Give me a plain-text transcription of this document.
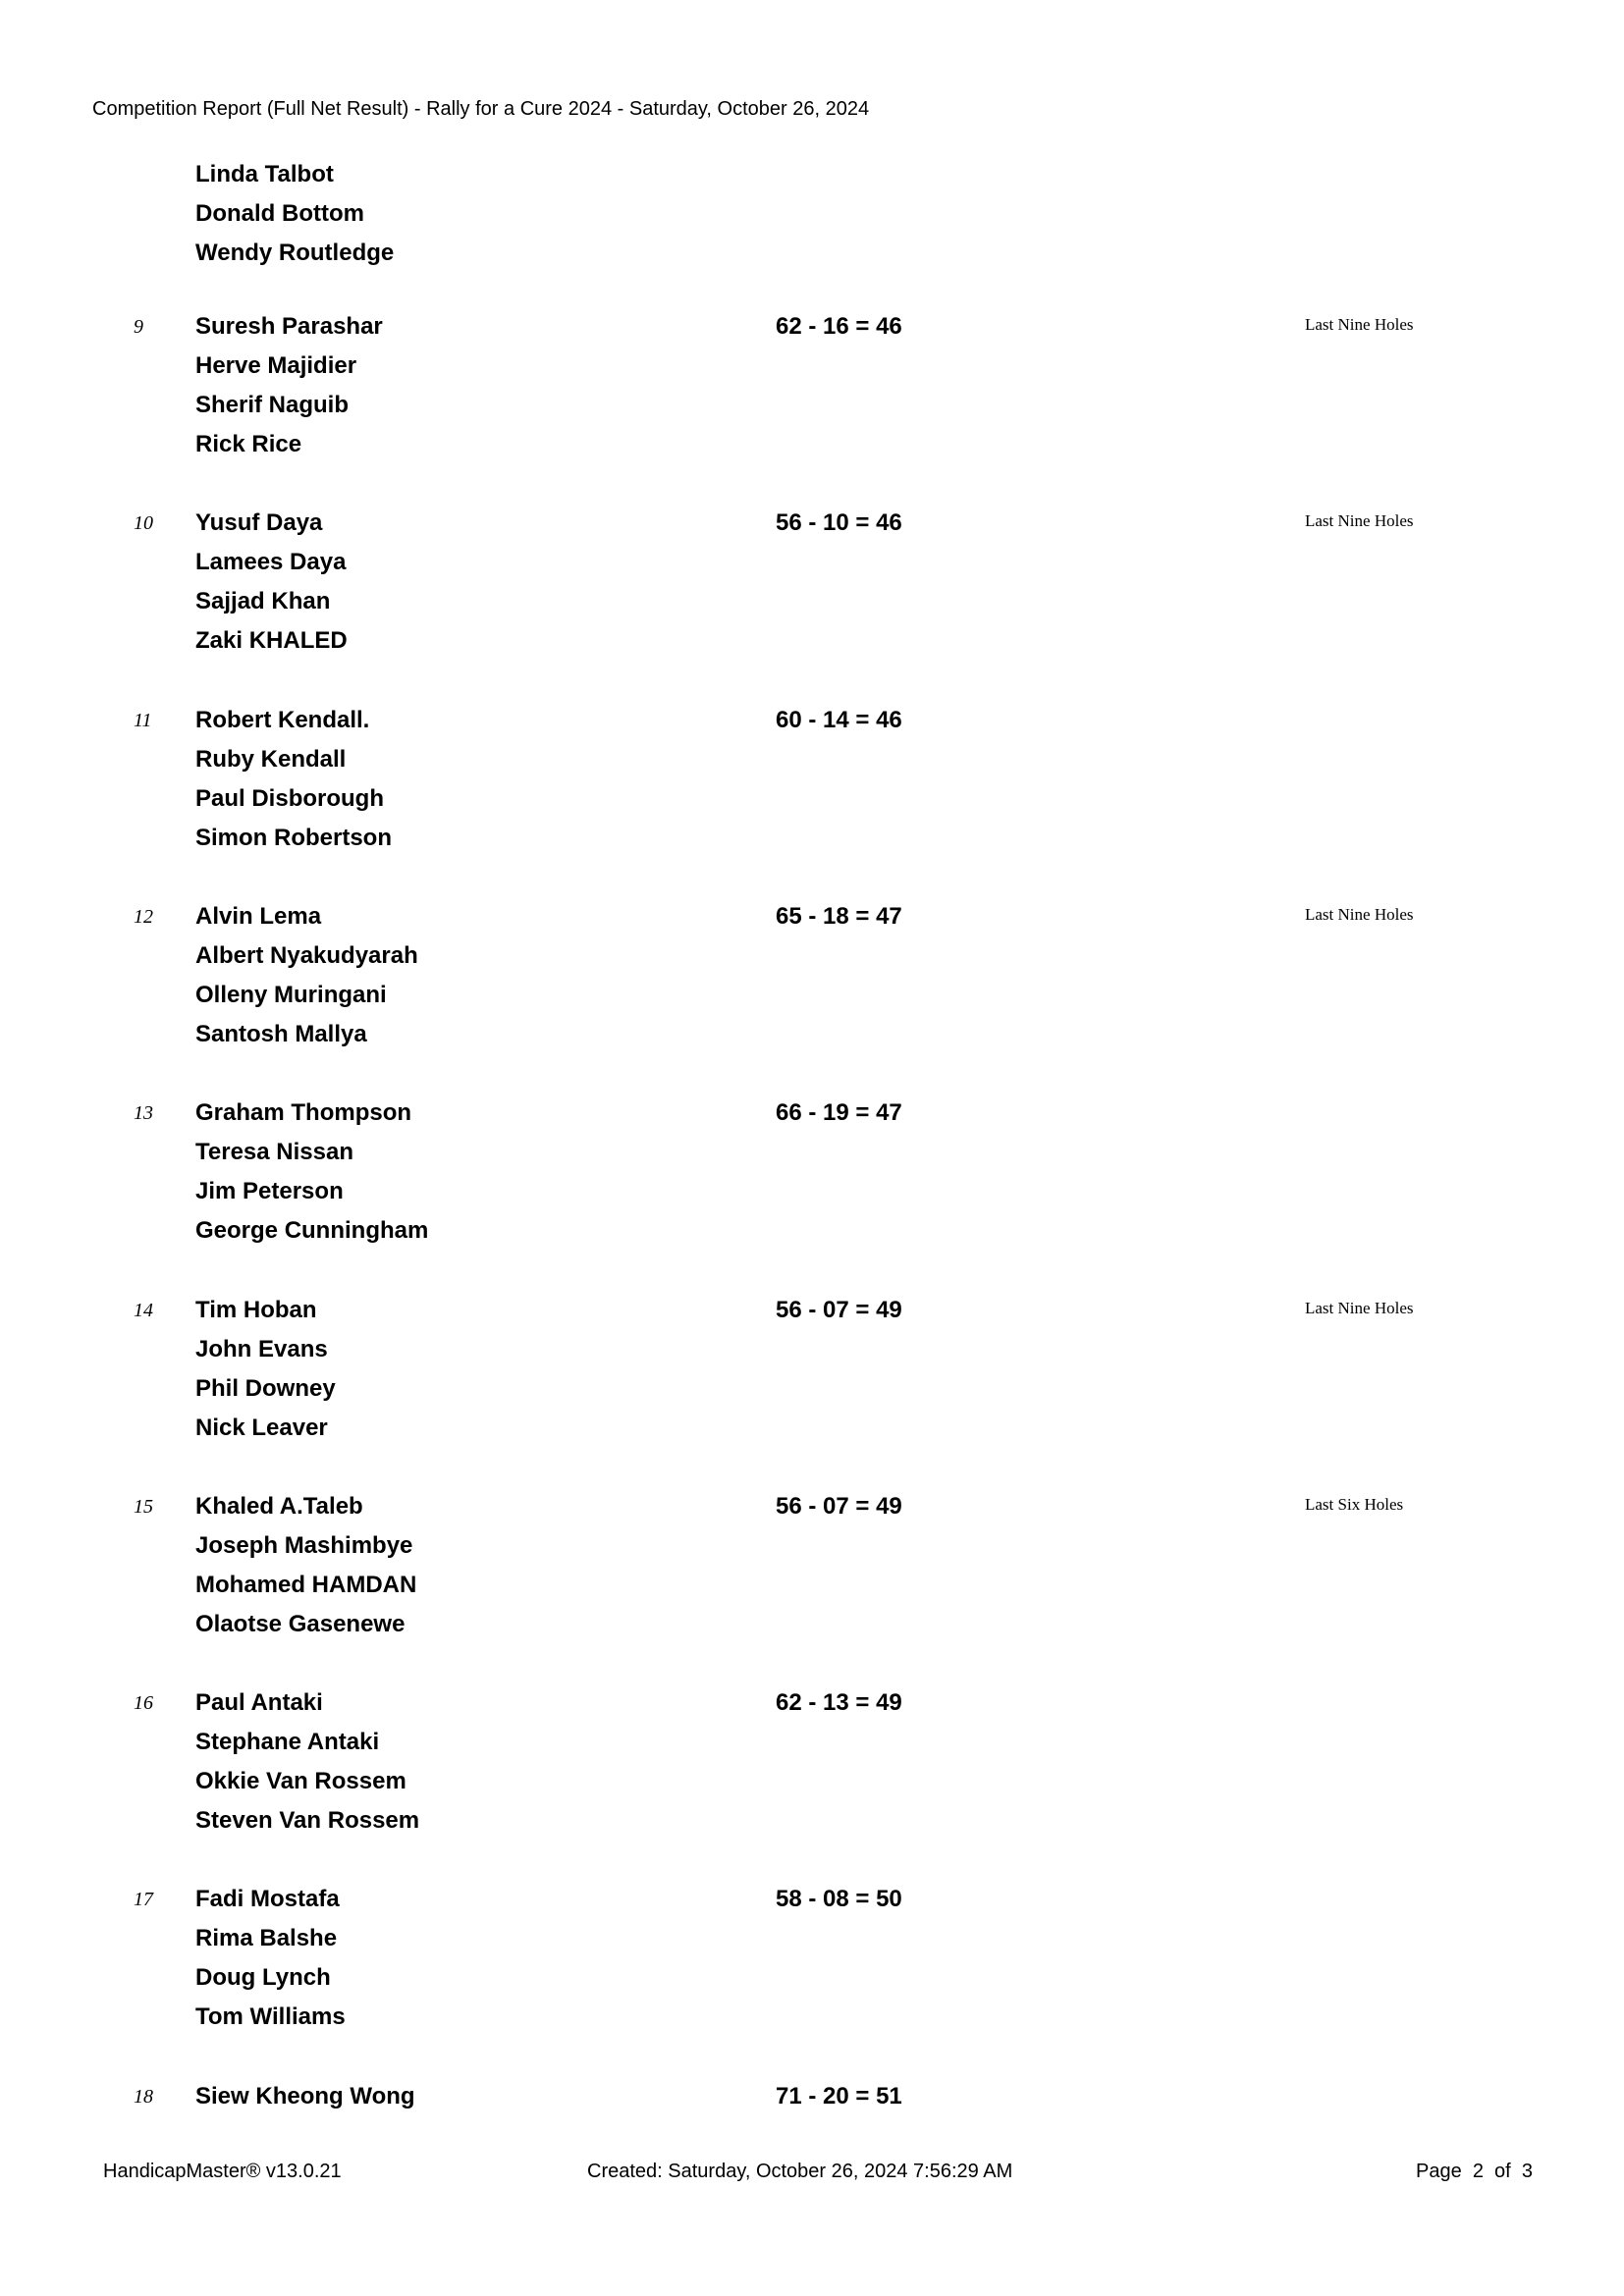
Competition Report (Full Net Result) - Rally for a Cure 2024 - Saturday, October 26, 2024
Linda Talbot
Donald Bottom
Wendy Routledge
9	Suresh Parashar
Herve Majidier
Sherif Naguib
Rick Rice
62 - 16 = 46	Last Nine Holes
10	Yusuf Daya
Lamees Daya
Sajjad Khan
Zaki KHALED
56 - 10 = 46	Last Nine Holes
11	Robert Kendall.
Ruby Kendall
Paul Disborough
Simon Robertson
60 - 14 = 46
12	Alvin Lema
Albert Nyakudyarah
Olleny Muringani
Santosh Mallya
65 - 18 = 47	Last Nine Holes
13	Graham Thompson
Teresa Nissan
Jim Peterson
George Cunningham
66 - 19 = 47
14	Tim Hoban
John Evans
Phil Downey
Nick Leaver
56 - 07 = 49	Last Nine Holes
15	Khaled A.Taleb
Joseph Mashimbye
Mohamed HAMDAN
Olaotse Gasenewe
56 - 07 = 49	Last Six Holes
16	Paul Antaki
Stephane Antaki
Okkie Van Rossem
Steven Van Rossem
62 - 13 = 49
17	Fadi Mostafa
Rima Balshe
Doug Lynch
Tom Williams
58 - 08 = 50
18	Siew Kheong Wong	71 - 20 = 51
HandicapMaster® v13.0.21	Created: Saturday, October 26, 2024 7:56:29 AM	Page  2  of  3
